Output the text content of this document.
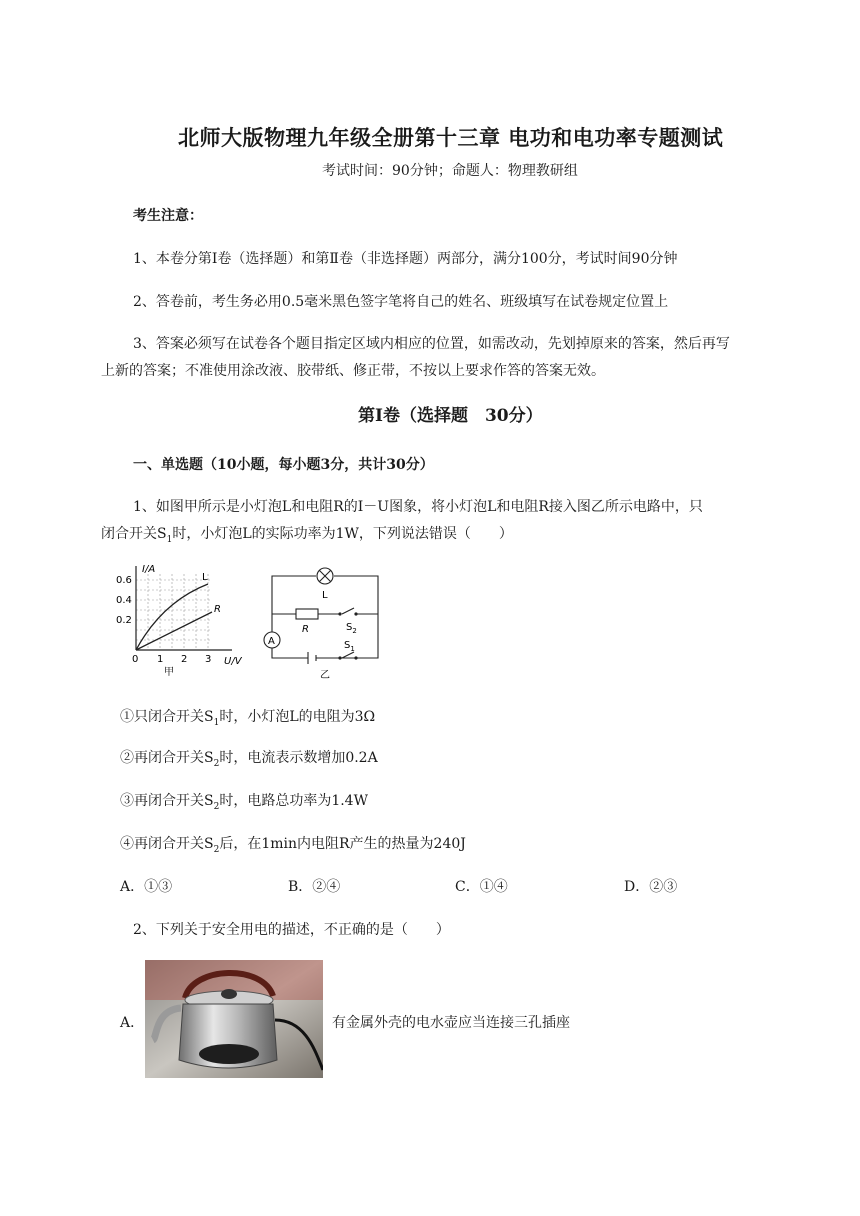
北师大版物理九年级全册第十三章 电功和电功率专题测试
考试时间：90分钟；命题人：物理教研组
考生注意：
1、本卷分第Ⅰ卷（选择题）和第Ⅱ卷（非选择题）两部分，满分100分，考试时间90分钟
2、答卷前，考生务必用0.5毫米黑色签字笔将自己的姓名、班级填写在试卷规定位置上
3、答案必须写在试卷各个题目指定区域内相应的位置，如需改动，先划掉原来的答案，然后再写
上新的答案；不准使用涂改液、胶带纸、修正带，不按以上要求作答的答案无效。
第Ⅰ卷（选择题　30分）
一、单选题（10小题，每小题3分，共计30分）
1、如图甲所示是小灯泡L和电阻R的I－U图象，将小灯泡L和电阻R接入图乙所示电路中，只
闭合开关$S_1$时，小灯泡L的实际功率为1W，下列说法错误（　　）
I/A
U/V
0.6
0.4
0.2
0 1 2 3
L
R
甲
A
L
R	$S_2$
$S_1$
乙
①只闭合开关$S_1$时，小灯泡L的电阻为3Ω
②再闭合开关$S_2$时，电流表示数增加0.2A
③再闭合开关$S_2$时，电路总功率为1.4W
④再闭合开关$S_2$后，在1min内电阻R产生的热量为240J
A．①③	B．②④	C．①④	D．②③
2、下列关于安全用电的描述，不正确的是（　　）
A．	有金属外壳的电水壶应当连接三孔插座
